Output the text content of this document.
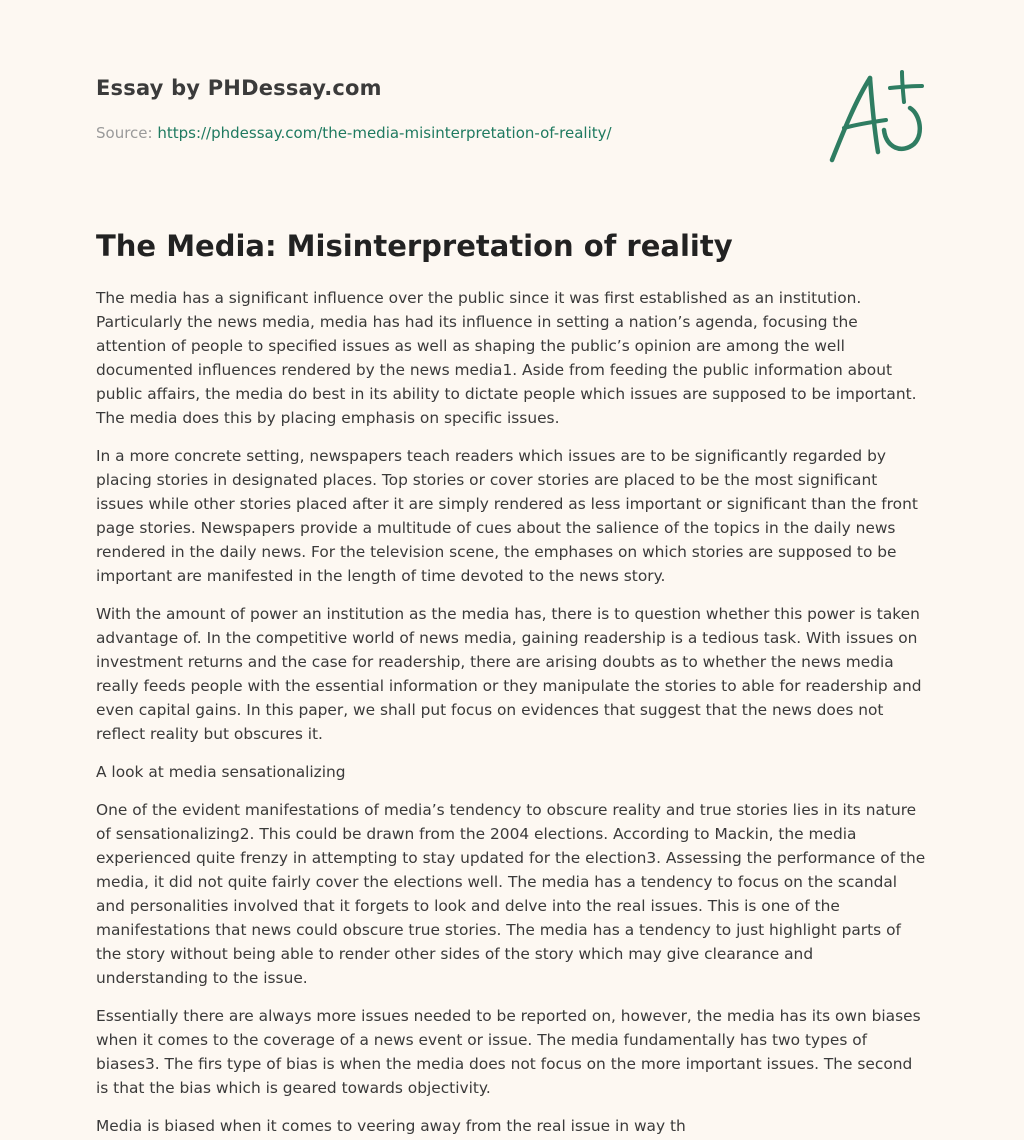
Essay by PHDessay.com
Source: https://phdessay.com/the-media-misinterpretation-of-reality/
The Media: Misinterpretation of reality

The media has a significant influence over the public since it was first established as an institution. Particularly the news media, media has had its influence in setting a nation’s agenda, focusing the attention of people to specified issues as well as shaping the public’s opinion are among the well documented influences rendered by the news media1. Aside from feeding the public information about public affairs, the media do best in its ability to dictate people which issues are supposed to be important. The media does this by placing emphasis on specific issues.

In a more concrete setting, newspapers teach readers which issues are to be significantly regarded by placing stories in designated places. Top stories or cover stories are placed to be the most significant issues while other stories placed after it are simply rendered as less important or significant than the front page stories. Newspapers provide a multitude of cues about the salience of the topics in the daily news rendered in the daily news. For the television scene, the emphases on which stories are supposed to be important are manifested in the length of time devoted to the news story.

With the amount of power an institution as the media has, there is to question whether this power is taken advantage of. In the competitive world of news media, gaining readership is a tedious task. With issues on investment returns and the case for readership, there are arising doubts as to whether the news media really feeds people with the essential information or they manipulate the stories to able for readership and even capital gains. In this paper, we shall put focus on evidences that suggest that the news does not reflect reality but obscures it.

A look at media sensationalizing

One of the evident manifestations of media’s tendency to obscure reality and true stories lies in its nature of sensationalizing2. This could be drawn from the 2004 elections. According to Mackin, the media experienced quite frenzy in attempting to stay updated for the election3. Assessing the performance of the media, it did not quite fairly cover the elections well. The media has a tendency to focus on the scandal and personalities involved that it forgets to look and delve into the real issues. This is one of the manifestations that news could obscure true stories. The media has a tendency to just highlight parts of the story without being able to render other sides of the story which may give clearance and understanding to the issue.

Essentially there are always more issues needed to be reported on, however, the media has its own biases when it comes to the coverage of a news event or issue. The media fundamentally has two types of biases3. The firs type of bias is when the media does not focus on the more important issues. The second is that the bias which is geared towards objectivity.

Media is biased when it comes to veering away from the real issue in way th
